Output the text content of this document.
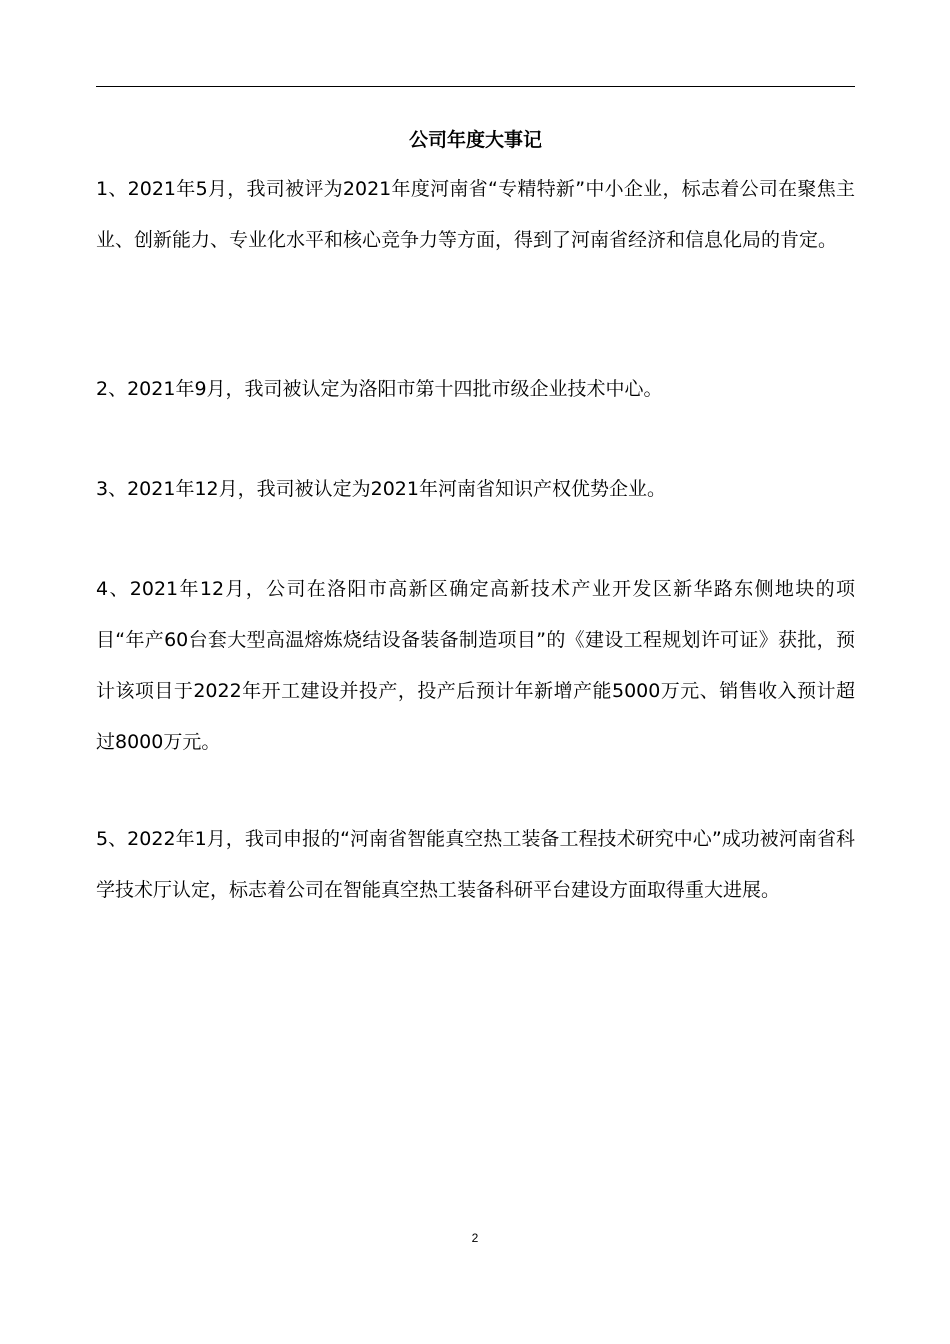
公司年度大事记

1、2021年5月，我司被评为2021年度河南省“专精特新”中小企业，标志着公司在聚焦主业、创新能力、专业化水平和核心竞争力等方面，得到了河南省经济和信息化局的肯定。

2、2021年9月，我司被认定为洛阳市第十四批市级企业技术中心。

3、2021年12月，我司被认定为2021年河南省知识产权优势企业。

4、2021年12月，公司在洛阳市高新区确定高新技术产业开发区新华路东侧地块的项目“年产60台套大型高温熔炼烧结设备装备制造项目”的《建设工程规划许可证》获批，预计该项目于2022年开工建设并投产，投产后预计年新增产能5000万元、销售收入预计超过8000万元。

5、2022年1月，我司申报的“河南省智能真空热工装备工程技术研究中心”成功被河南省科学技术厅认定，标志着公司在智能真空热工装备科研平台建设方面取得重大进展。

2
